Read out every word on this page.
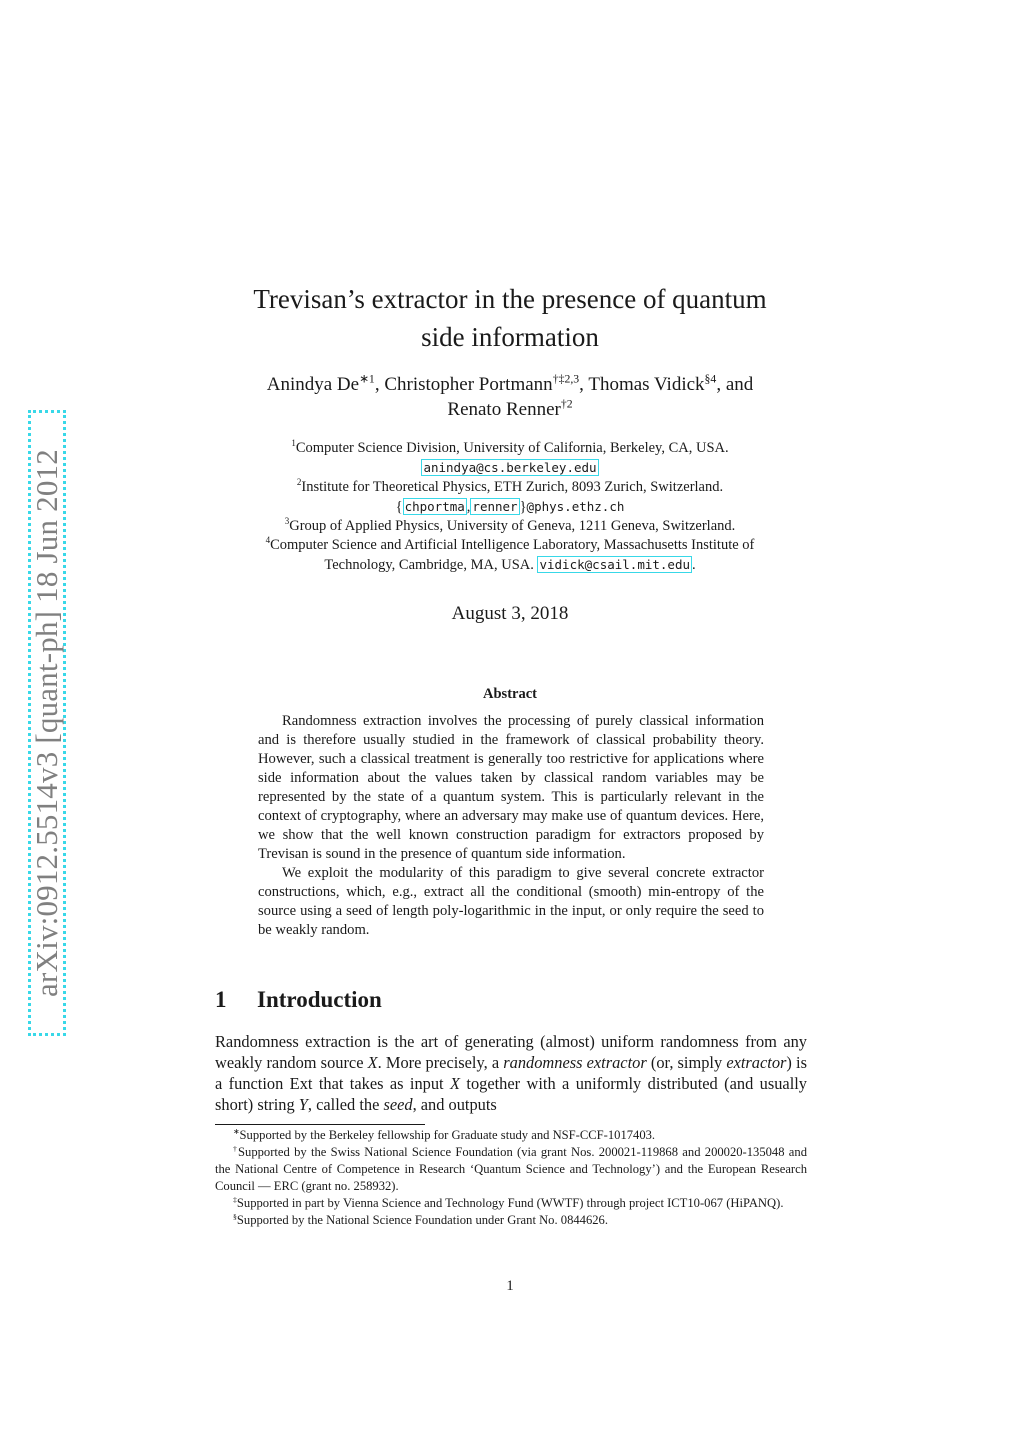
arXiv:0912.5514v3 [quant-ph] 18 Jun 2012
Trevisan’s extractor in the presence of quantum
side information
Anindya $De^{∗1}$, Christopher Portmann$^{\dagger\ddagger 2,3}$, Thomas Vidick$^{\S 4}$, and
Renato Renner$^{\dagger 2}$
$^1$Computer Science Division, University of California, Berkeley, CA, USA.
anindya@cs.berkeley.edu
$^2$Institute for Theoretical Physics, ETH Zurich, 8093 Zurich, Switzerland.
{ chportma , renner }@phys.ethz.ch
$^3$Group of Applied Physics, University of Geneva, 1211 Geneva, Switzerland.
$^4$Computer Science and Artificial Intelligence Laboratory, Massachusetts Institute of
Technology, Cambridge, MA, USA. vidick@csail.mit.edu .
August 3, 2018
Abstract

Randomness extraction involves the processing of purely classical information and is therefore usually studied in the framework of classical probability theory. However, such a classical treatment is generally too restrictive for applications where side information about the values taken by classical random variables may be represented by the state of a quantum system. This is particularly relevant in the context of cryptography, where an adversary may make use of quantum devices. Here, we show that the well known construction paradigm for extractors proposed by Trevisan is sound in the presence of quantum side information.

We exploit the modularity of this paradigm to give several concrete extractor constructions, which, e.g., extract all the conditional (smooth) min-entropy of the source using a seed of length poly-logarithmic in the input, or only require the seed to be weakly random.

1 Introduction

Randomness extraction is the art of generating (almost) uniform randomness from any weakly random source X. More precisely, a randomness extractor (or, simply extractor) is a function Ext that takes as input X together with a uniformly distributed (and usually short) string Y, called the seed, and outputs

∗Supported by the Berkeley fellowship for Graduate study and NSF-CCF-1017403.

†Supported by the Swiss National Science Foundation (via grant Nos. 200021-119868 and 200020-135048 and the National Centre of Competence in Research ‘Quantum Science and Technology’) and the European Research Council — ERC (grant no. 258932).

‡Supported in part by Vienna Science and Technology Fund (WWTF) through project ICT10-067 (HiPANQ).

§Supported by the National Science Foundation under Grant No. 0844626.

1
